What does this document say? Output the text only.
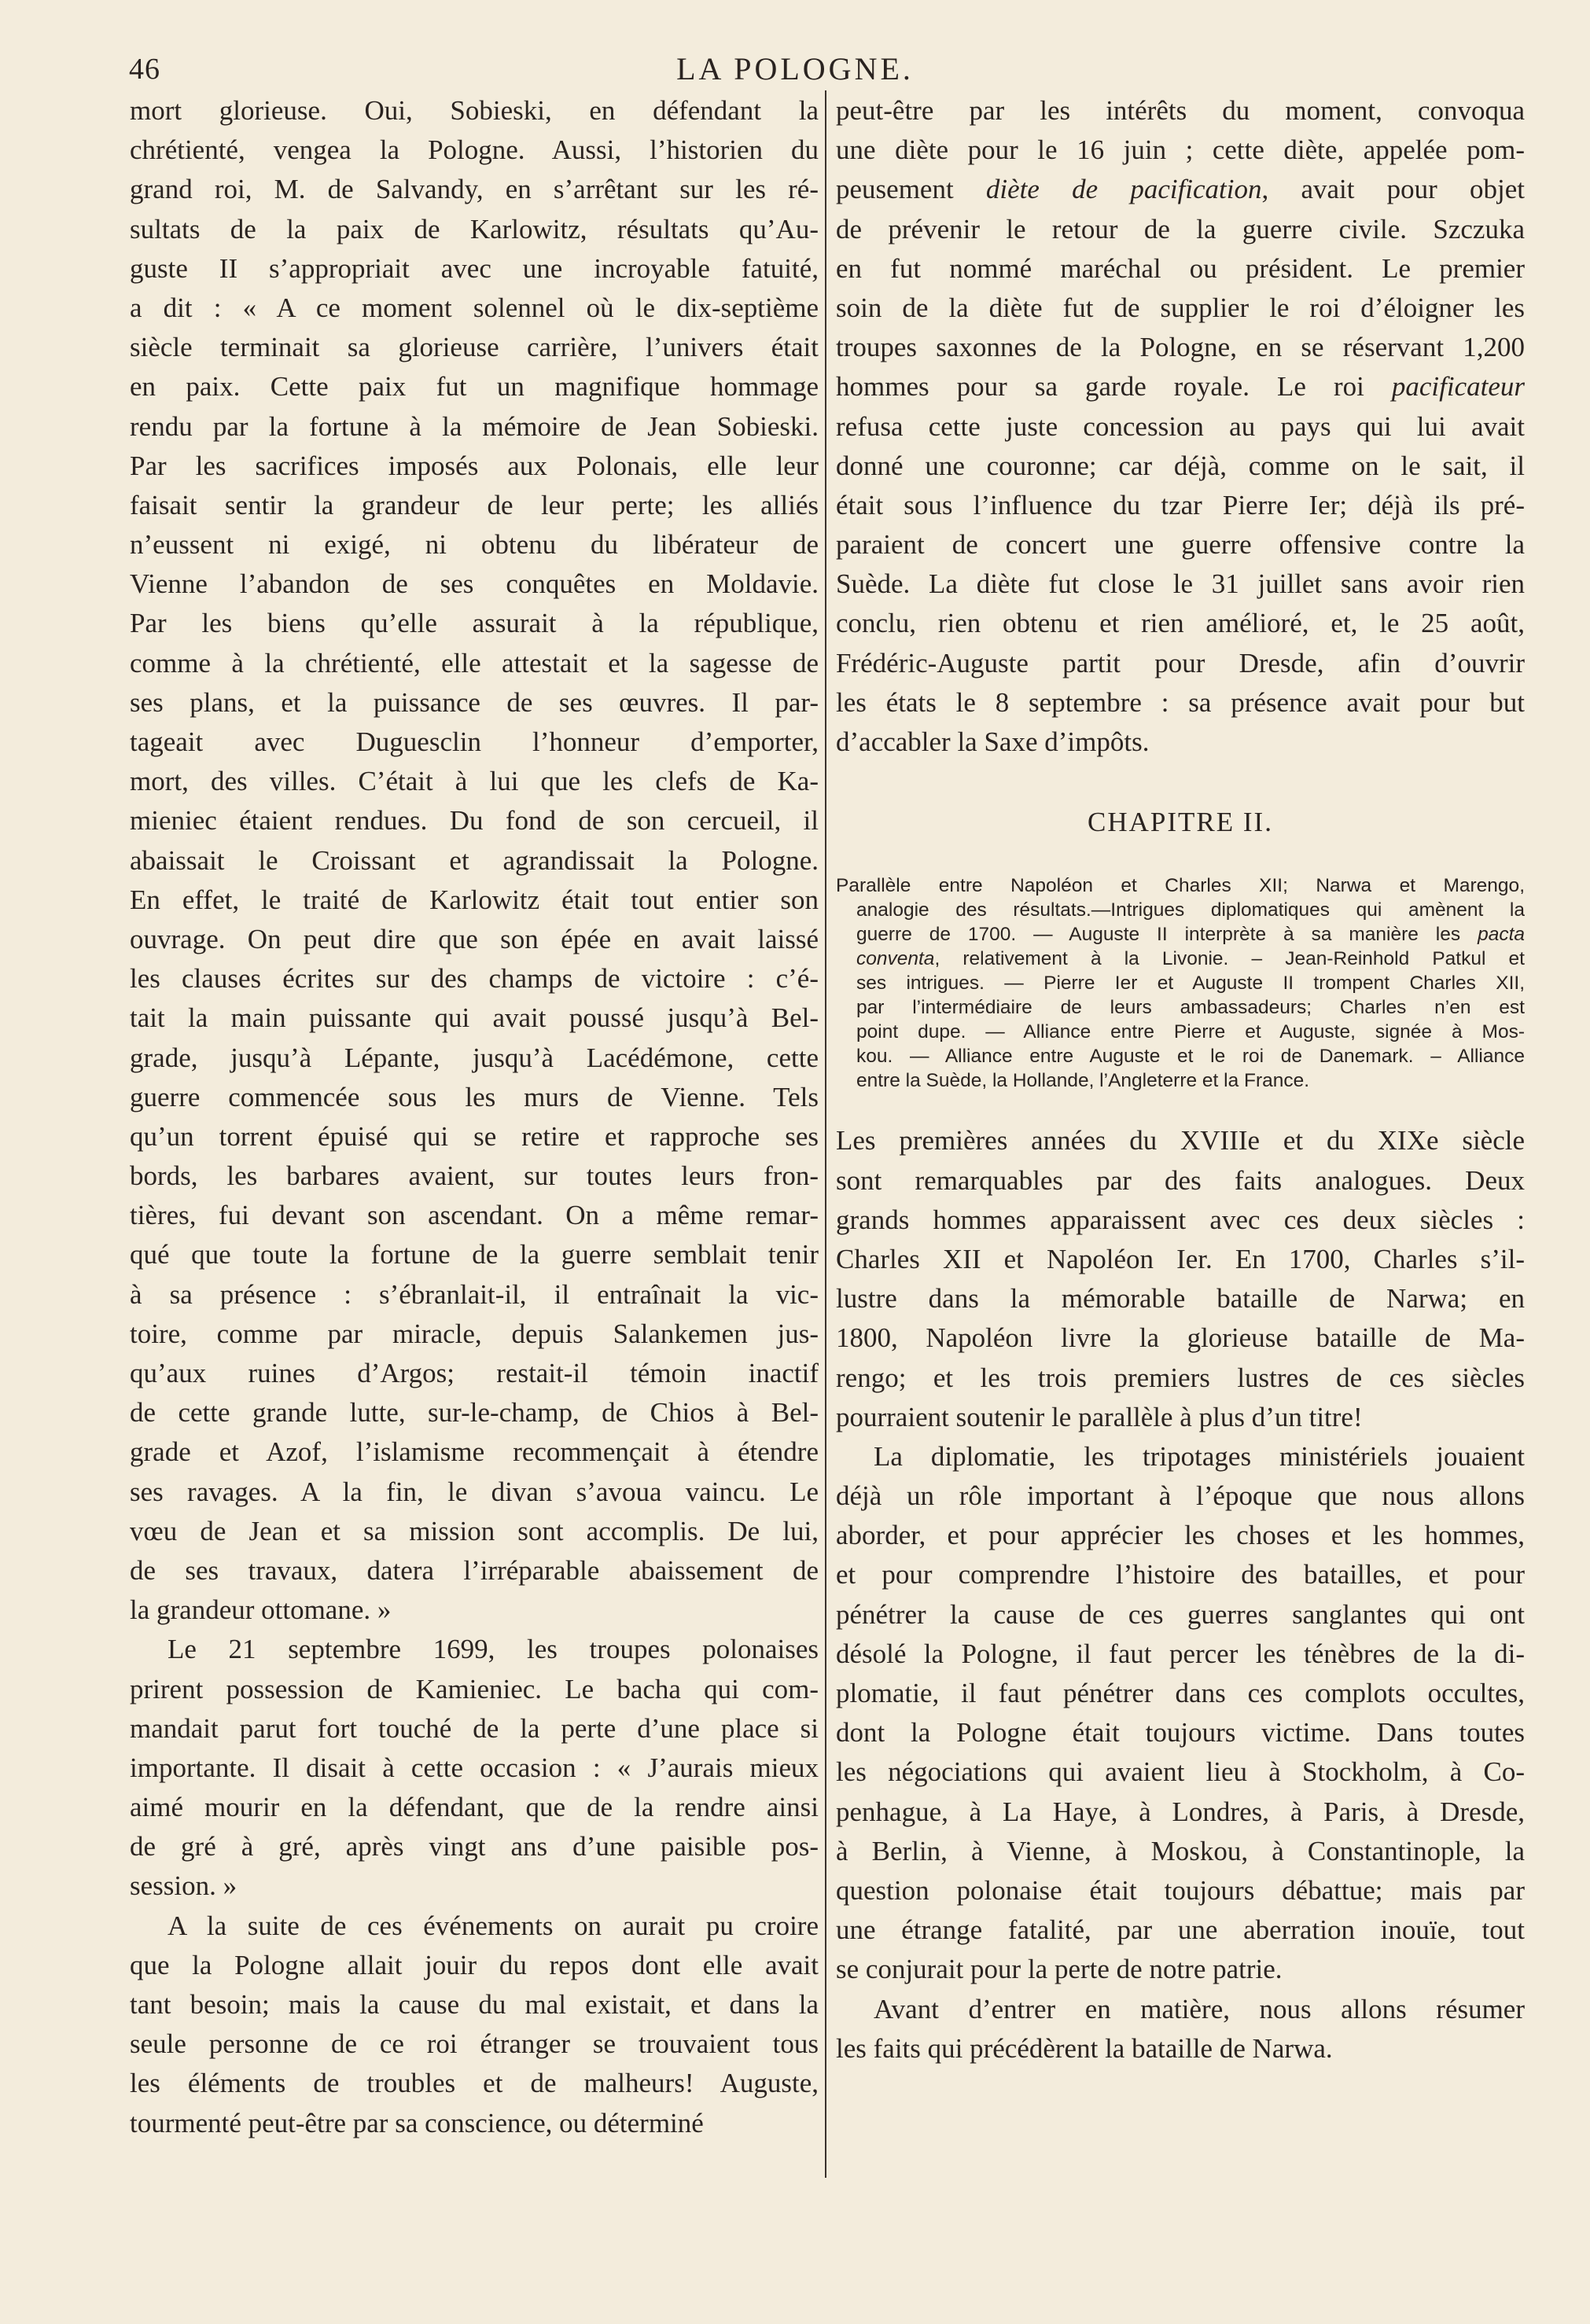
46	LA POLOGNE.
mort glorieuse. Oui, Sobieski, en défendant la
chrétienté, vengea la Pologne. Aussi, l’historien du
grand roi, M. de Salvandy, en s’arrêtant sur les ré-
sultats de la paix de Karlowitz, résultats qu’Au-
guste II s’appropriait avec une incroyable fatuité,
a dit : « A ce moment solennel où le dix-septième
siècle terminait sa glorieuse carrière, l’univers était
en paix. Cette paix fut un magnifique hommage
rendu par la fortune à la mémoire de Jean Sobieski.
Par les sacrifices imposés aux Polonais, elle leur
faisait sentir la grandeur de leur perte; les alliés
n’eussent ni exigé, ni obtenu du libérateur de
Vienne l’abandon de ses conquêtes en Moldavie.
Par les biens qu’elle assurait à la république,
comme à la chrétienté, elle attestait et la sagesse de
ses plans, et la puissance de ses œuvres. Il par-
tageait avec Duguesclin l’honneur d’emporter,
mort, des villes. C’était à lui que les clefs de Ka-
mieniec étaient rendues. Du fond de son cercueil, il
abaissait le Croissant et agrandissait la Pologne.
En effet, le traité de Karlowitz était tout entier son
ouvrage. On peut dire que son épée en avait laissé
les clauses écrites sur des champs de victoire : c’é-
tait la main puissante qui avait poussé jusqu’à Bel-
grade, jusqu’à Lépante, jusqu’à Lacédémone, cette
guerre commencée sous les murs de Vienne. Tels
qu’un torrent épuisé qui se retire et rapproche ses
bords, les barbares avaient, sur toutes leurs fron-
tières, fui devant son ascendant. On a même remar-
qué que toute la fortune de la guerre semblait tenir
à sa présence : s’ébranlait-il, il entraînait la vic-
toire, comme par miracle, depuis Salankemen jus-
qu’aux ruines d’Argos; restait-il témoin inactif
de cette grande lutte, sur-le-champ, de Chios à Bel-
grade et Azof, l’islamisme recommençait à étendre
ses ravages. A la fin, le divan s’avoua vaincu. Le
vœu de Jean et sa mission sont accomplis. De lui,
de ses travaux, datera l’irréparable abaissement de
la grandeur ottomane. »
Le 21 septembre 1699, les troupes polonaises
prirent possession de Kamieniec. Le bacha qui com-
mandait parut fort touché de la perte d’une place si
importante. Il disait à cette occasion : « J’aurais mieux
aimé mourir en la défendant, que de la rendre ainsi
de gré à gré, après vingt ans d’une paisible pos-
session. »
A la suite de ces événements on aurait pu croire
que la Pologne allait jouir du repos dont elle avait
tant besoin; mais la cause du mal existait, et dans la
seule personne de ce roi étranger se trouvaient tous
les éléments de troubles et de malheurs! Auguste,
tourmenté peut-être par sa conscience, ou déterminé
peut-être par les intérêts du moment, convoqua
une diète pour le 16 juin ; cette diète, appelée pom-
peusement diète de pacification, avait pour objet
de prévenir le retour de la guerre civile. Szczuka
en fut nommé maréchal ou président. Le premier
soin de la diète fut de supplier le roi d’éloigner les
troupes saxonnes de la Pologne, en se réservant 1,200
hommes pour sa garde royale. Le roi pacificateur
refusa cette juste concession au pays qui lui avait
donné une couronne; car déjà, comme on le sait, il
était sous l’influence du tzar Pierre Ier; déjà ils pré-
paraient de concert une guerre offensive contre la
Suède. La diète fut close le 31 juillet sans avoir rien
conclu, rien obtenu et rien amélioré, et, le 25 août,
Frédéric-Auguste partit pour Dresde, afin d’ouvrir
les états le 8 septembre : sa présence avait pour but
d’accabler la Saxe d’impôts.
CHAPITRE II.
Parallèle entre Napoléon et Charles XII; Narwa et Marengo,
analogie des résultats.—Intrigues diplomatiques qui amènent la
guerre de 1700. — Auguste II interprète à sa manière les pacta
conventa, relativement à la Livonie. – Jean-Reinhold Patkul et
ses intrigues. — Pierre Ier et Auguste II trompent Charles XII,
par l’intermédiaire de leurs ambassadeurs; Charles n’en est
point dupe. — Alliance entre Pierre et Auguste, signée à Mos-
kou. — Alliance entre Auguste et le roi de Danemark. – Alliance
entre la Suède, la Hollande, l’Angleterre et la France.
Les premières années du XVIIIe et du XIXe siècle
sont remarquables par des faits analogues. Deux
grands hommes apparaissent avec ces deux siècles :
Charles XII et Napoléon Ier. En 1700, Charles s’il-
lustre dans la mémorable bataille de Narwa; en
1800, Napoléon livre la glorieuse bataille de Ma-
rengo; et les trois premiers lustres de ces siècles
pourraient soutenir le parallèle à plus d’un titre!
La diplomatie, les tripotages ministériels jouaient
déjà un rôle important à l’époque que nous allons
aborder, et pour apprécier les choses et les hommes,
et pour comprendre l’histoire des batailles, et pour
pénétrer la cause de ces guerres sanglantes qui ont
désolé la Pologne, il faut percer les ténèbres de la di-
plomatie, il faut pénétrer dans ces complots occultes,
dont la Pologne était toujours victime. Dans toutes
les négociations qui avaient lieu à Stockholm, à Co-
penhague, à La Haye, à Londres, à Paris, à Dresde,
à Berlin, à Vienne, à Moskou, à Constantinople, la
question polonaise était toujours débattue; mais par
une étrange fatalité, par une aberration inouïe, tout
se conjurait pour la perte de notre patrie.
Avant d’entrer en matière, nous allons résumer
les faits qui précédèrent la bataille de Narwa.
